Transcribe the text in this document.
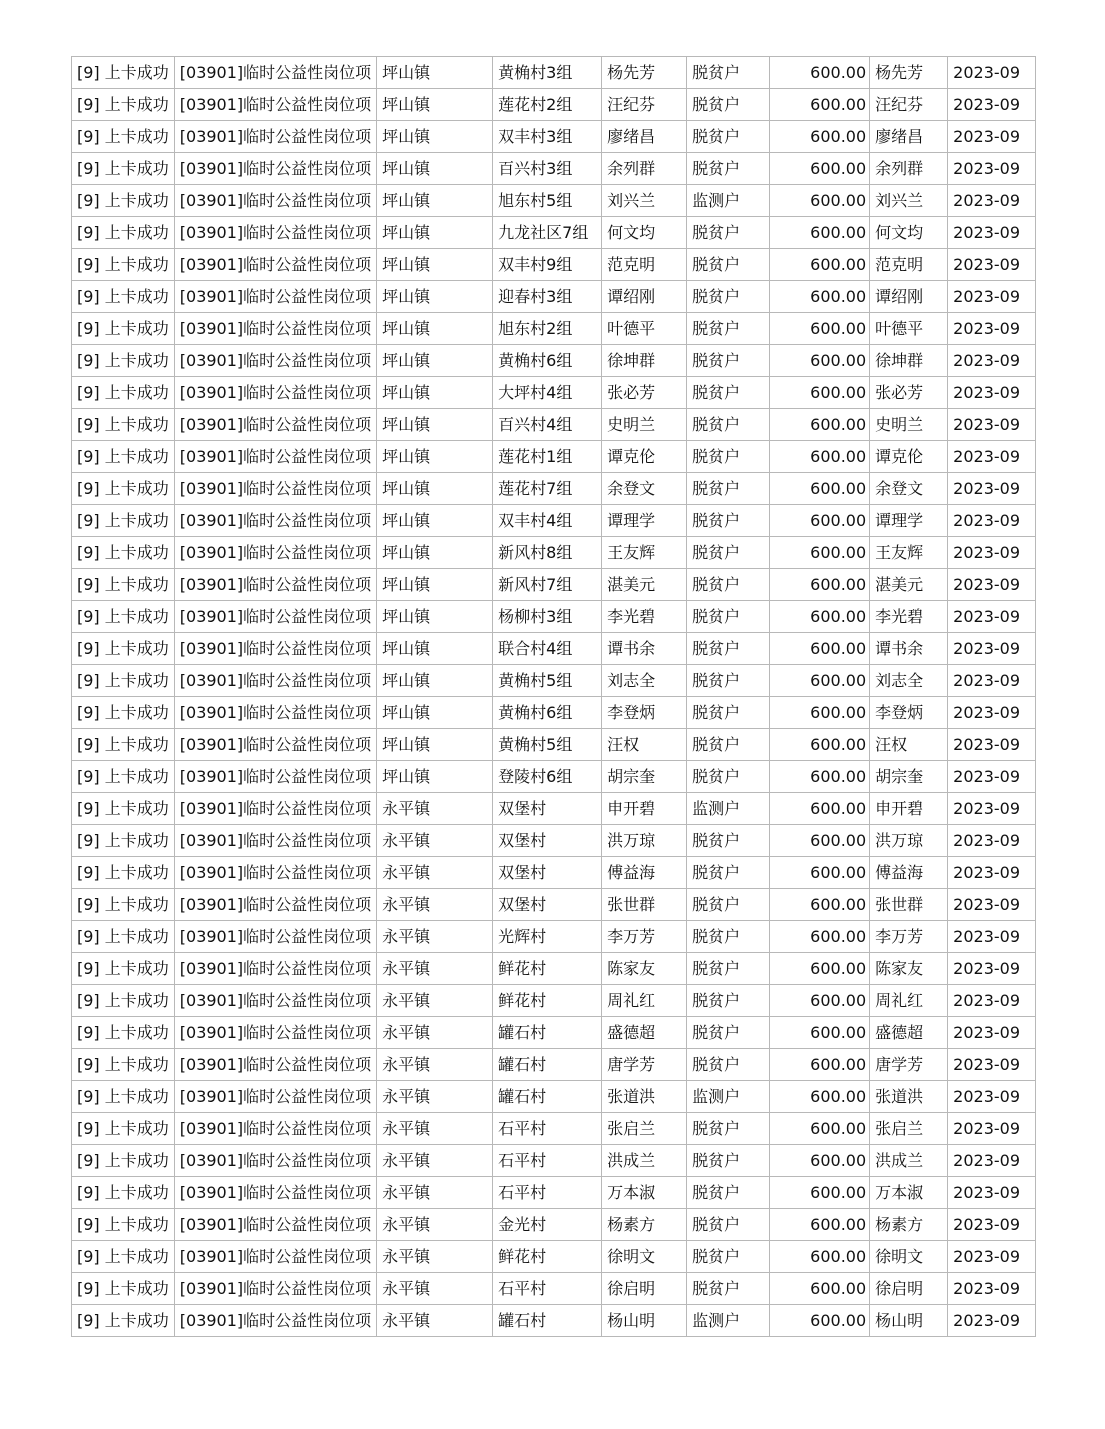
[9] 上卡成功	[03901]临时公益性岗位项	坪山镇	黄桷村3组	杨先芳	脱贫户	600.00	杨先芳	2023-09
[9] 上卡成功	[03901]临时公益性岗位项	坪山镇	莲花村2组	汪纪芬	脱贫户	600.00	汪纪芬	2023-09
[9] 上卡成功	[03901]临时公益性岗位项	坪山镇	双丰村3组	廖绪昌	脱贫户	600.00	廖绪昌	2023-09
[9] 上卡成功	[03901]临时公益性岗位项	坪山镇	百兴村3组	余列群	脱贫户	600.00	余列群	2023-09
[9] 上卡成功	[03901]临时公益性岗位项	坪山镇	旭东村5组	刘兴兰	监测户	600.00	刘兴兰	2023-09
[9] 上卡成功	[03901]临时公益性岗位项	坪山镇	九龙社区7组	何文均	脱贫户	600.00	何文均	2023-09
[9] 上卡成功	[03901]临时公益性岗位项	坪山镇	双丰村9组	范克明	脱贫户	600.00	范克明	2023-09
[9] 上卡成功	[03901]临时公益性岗位项	坪山镇	迎春村3组	谭绍刚	脱贫户	600.00	谭绍刚	2023-09
[9] 上卡成功	[03901]临时公益性岗位项	坪山镇	旭东村2组	叶德平	脱贫户	600.00	叶德平	2023-09
[9] 上卡成功	[03901]临时公益性岗位项	坪山镇	黄桷村6组	徐坤群	脱贫户	600.00	徐坤群	2023-09
[9] 上卡成功	[03901]临时公益性岗位项	坪山镇	大坪村4组	张必芳	脱贫户	600.00	张必芳	2023-09
[9] 上卡成功	[03901]临时公益性岗位项	坪山镇	百兴村4组	史明兰	脱贫户	600.00	史明兰	2023-09
[9] 上卡成功	[03901]临时公益性岗位项	坪山镇	莲花村1组	谭克伦	脱贫户	600.00	谭克伦	2023-09
[9] 上卡成功	[03901]临时公益性岗位项	坪山镇	莲花村7组	余登文	脱贫户	600.00	余登文	2023-09
[9] 上卡成功	[03901]临时公益性岗位项	坪山镇	双丰村4组	谭理学	脱贫户	600.00	谭理学	2023-09
[9] 上卡成功	[03901]临时公益性岗位项	坪山镇	新风村8组	王友辉	脱贫户	600.00	王友辉	2023-09
[9] 上卡成功	[03901]临时公益性岗位项	坪山镇	新风村7组	湛美元	脱贫户	600.00	湛美元	2023-09
[9] 上卡成功	[03901]临时公益性岗位项	坪山镇	杨柳村3组	李光碧	脱贫户	600.00	李光碧	2023-09
[9] 上卡成功	[03901]临时公益性岗位项	坪山镇	联合村4组	谭书余	脱贫户	600.00	谭书余	2023-09
[9] 上卡成功	[03901]临时公益性岗位项	坪山镇	黄桷村5组	刘志全	脱贫户	600.00	刘志全	2023-09
[9] 上卡成功	[03901]临时公益性岗位项	坪山镇	黄桷村6组	李登炳	脱贫户	600.00	李登炳	2023-09
[9] 上卡成功	[03901]临时公益性岗位项	坪山镇	黄桷村5组	汪权	脱贫户	600.00	汪权	2023-09
[9] 上卡成功	[03901]临时公益性岗位项	坪山镇	登陵村6组	胡宗奎	脱贫户	600.00	胡宗奎	2023-09
[9] 上卡成功	[03901]临时公益性岗位项	永平镇	双堡村	申开碧	监测户	600.00	申开碧	2023-09
[9] 上卡成功	[03901]临时公益性岗位项	永平镇	双堡村	洪万琼	脱贫户	600.00	洪万琼	2023-09
[9] 上卡成功	[03901]临时公益性岗位项	永平镇	双堡村	傅益海	脱贫户	600.00	傅益海	2023-09
[9] 上卡成功	[03901]临时公益性岗位项	永平镇	双堡村	张世群	脱贫户	600.00	张世群	2023-09
[9] 上卡成功	[03901]临时公益性岗位项	永平镇	光辉村	李万芳	脱贫户	600.00	李万芳	2023-09
[9] 上卡成功	[03901]临时公益性岗位项	永平镇	鲜花村	陈家友	脱贫户	600.00	陈家友	2023-09
[9] 上卡成功	[03901]临时公益性岗位项	永平镇	鲜花村	周礼红	脱贫户	600.00	周礼红	2023-09
[9] 上卡成功	[03901]临时公益性岗位项	永平镇	罐石村	盛德超	脱贫户	600.00	盛德超	2023-09
[9] 上卡成功	[03901]临时公益性岗位项	永平镇	罐石村	唐学芳	脱贫户	600.00	唐学芳	2023-09
[9] 上卡成功	[03901]临时公益性岗位项	永平镇	罐石村	张道洪	监测户	600.00	张道洪	2023-09
[9] 上卡成功	[03901]临时公益性岗位项	永平镇	石平村	张启兰	脱贫户	600.00	张启兰	2023-09
[9] 上卡成功	[03901]临时公益性岗位项	永平镇	石平村	洪成兰	脱贫户	600.00	洪成兰	2023-09
[9] 上卡成功	[03901]临时公益性岗位项	永平镇	石平村	万本淑	脱贫户	600.00	万本淑	2023-09
[9] 上卡成功	[03901]临时公益性岗位项	永平镇	金光村	杨素方	脱贫户	600.00	杨素方	2023-09
[9] 上卡成功	[03901]临时公益性岗位项	永平镇	鲜花村	徐明文	脱贫户	600.00	徐明文	2023-09
[9] 上卡成功	[03901]临时公益性岗位项	永平镇	石平村	徐启明	脱贫户	600.00	徐启明	2023-09
[9] 上卡成功	[03901]临时公益性岗位项	永平镇	罐石村	杨山明	监测户	600.00	杨山明	2023-09
